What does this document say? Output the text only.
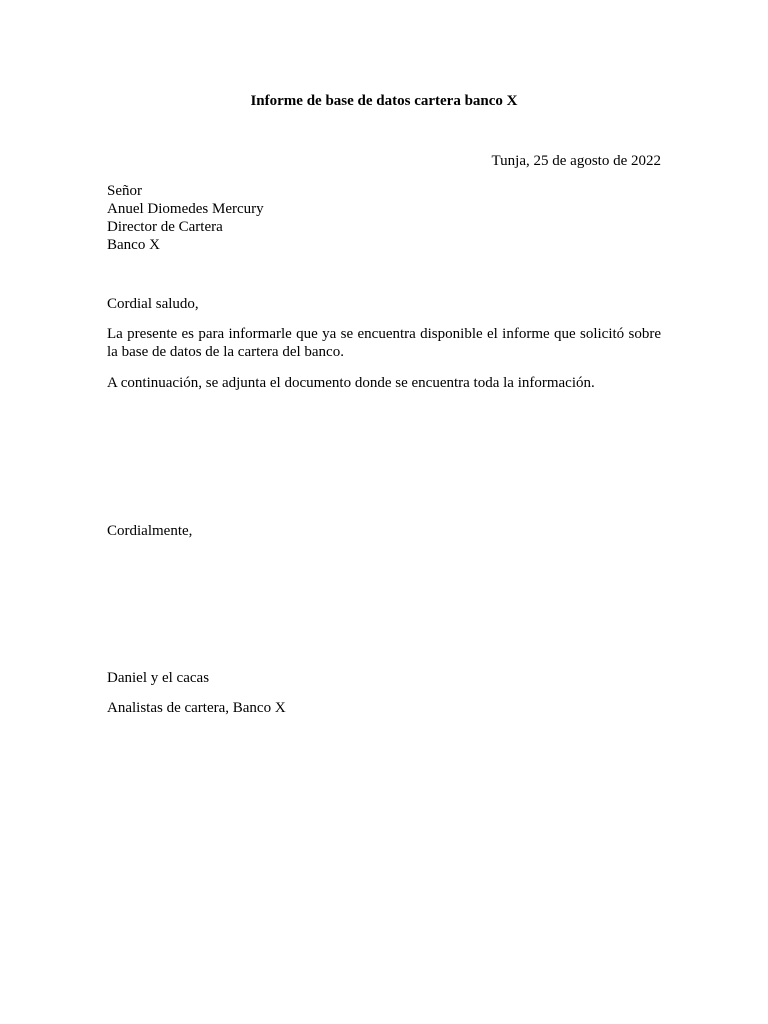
Informe de base de datos cartera banco X
Tunja, 25 de agosto de 2022
Señor
Anuel Diomedes Mercury
Director de Cartera
Banco X
Cordial saludo,
La presente es para informarle que ya se encuentra disponible el informe que solicitó sobre la base de datos de la cartera del banco.
A continuación, se adjunta el documento donde se encuentra toda la información.
Cordialmente,
Daniel y el cacas
Analistas de cartera, Banco X
